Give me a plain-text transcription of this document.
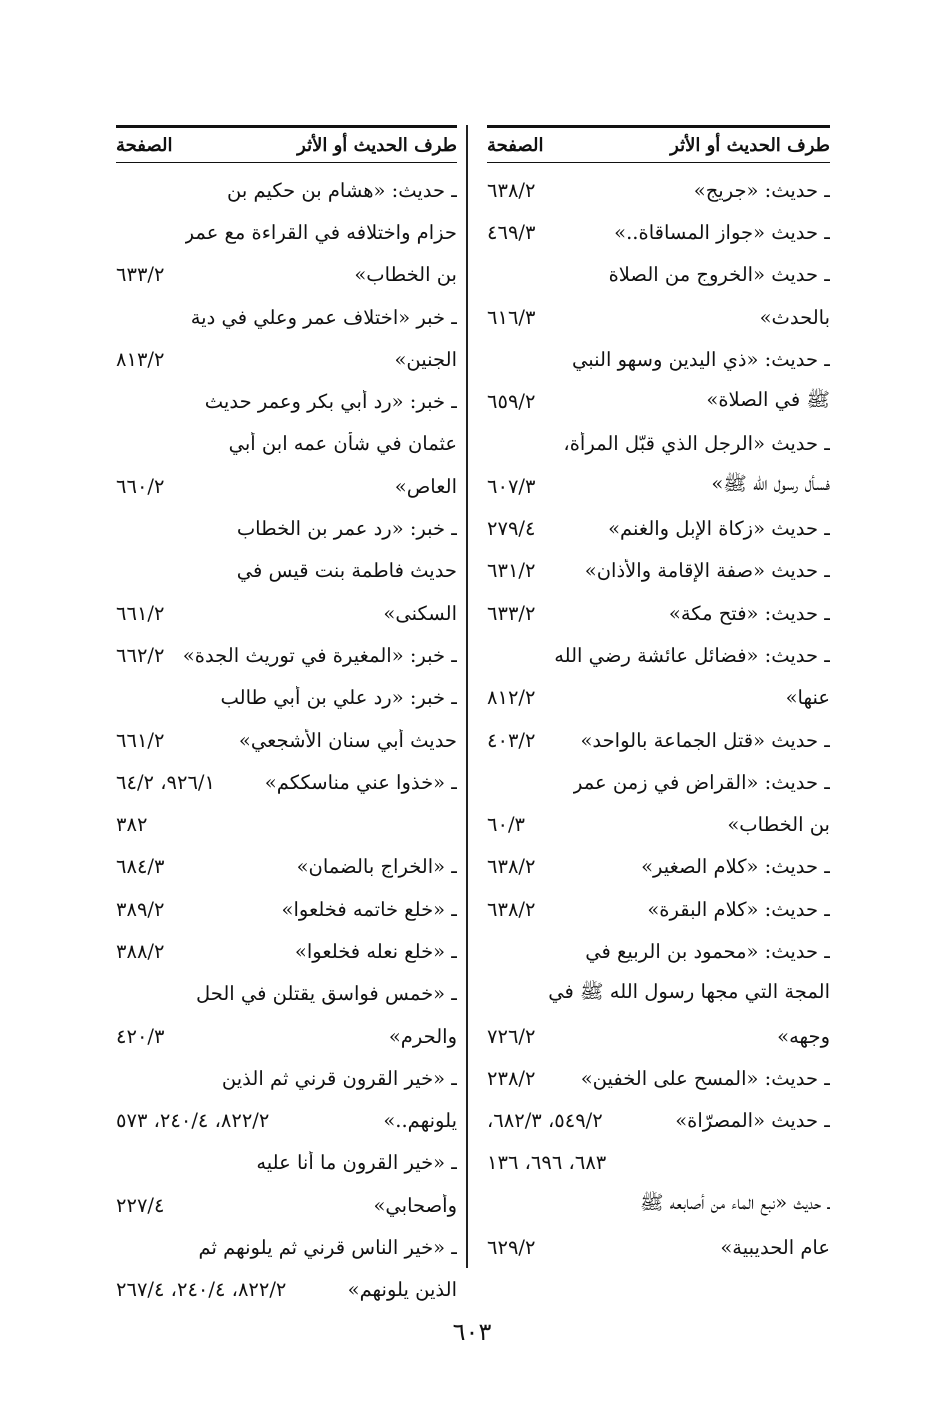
طرف الحديث أو الأثر
الصفحة
ـ حديث: «جريج»
٦٣٨/٢
ـ حديث «جواز المساقاة..»
٤٦٩/٣
ـ حديث «الخروج من الصلاة
بالحدث»
٦١٦/٣
ـ حديث: «ذي اليدين وسهو النبي
ﷺ في الصلاة»
٦٥٩/٢
ـ حديث «الرجل الذي قبّل المرأة،
فسأل رسول الله ﷺ»
٦٠٧/٣
ـ حديث «زكاة الإبل والغنم»
٢٧٩/٤
ـ حديث «صفة الإقامة والأذان»
٦٣١/٢
ـ حديث: «فتح مكة»
٦٣٣/٢
ـ حديث: «فضائل عائشة رضي الله
عنها»
٨١٢/٢
ـ حديث «قتل الجماعة بالواحد»
٤٠٣/٢
ـ حديث: «القراض في زمن عمر
بن الخطاب»
٦٠/٣
ـ حديث: «كلام الصغير»
٦٣٨/٢
ـ حديث: «كلام البقرة»
٦٣٨/٢
ـ حديث: «محمود بن الربيع في
المجة التي مجها رسول الله ﷺ في
وجهه»
٧٢٦/٢
ـ حديث: «المسح على الخفين»
٢٣٨/٢
ـ حديث «المصرّاة»
٥٤٩/٢، ٦٨٢/٣،
٦٨٣، ٦٩٦، ١٣٦
ـ حديث «نبع الماء من أصابعه ﷺ
عام الحديبية»
٦٢٩/٢
طرف الحديث أو الأثر
الصفحة
ـ حديث: «هشام بن حكيم بن
حزام واختلافه في القراءة مع عمر
بن الخطاب»
٦٣٣/٢
ـ خبر «اختلاف عمر وعلي في دية
الجنين»
٨١٣/٢
ـ خبر: «رد أبي بكر وعمر حديث
عثمان في شأن عمه ابن أبي
العاص»
٦٦٠/٢
ـ خبر: «رد عمر بن الخطاب
حديث فاطمة بنت قيس في
السكنى»
٦٦١/٢
ـ خبر: «المغيرة في توريث الجدة»
٦٦٢/٢
ـ خبر: «رد علي بن أبي طالب
حديث أبي سنان الأشجعي»
٦٦١/٢
ـ «خذوا عني مناسككم»
٩٢٦/١، ٦٤/٢
٣٨٢
ـ «الخراج بالضمان»
٦٨٤/٣
ـ «خلع خاتمه فخلعوا»
٣٨٩/٢
ـ «خلع نعله فخلعوا»
٣٨٨/٢
ـ «خمس فواسق يقتلن في الحل
والحرم»
٤٢٠/٣
ـ «خير القرون قرني ثم الذين
يلونهم..»
٨٢٢/٢، ٢٤٠/٤، ٥٧٣
ـ «خير القرون ما أنا عليه
وأصحابي»
٢٢٧/٤
ـ «خير الناس قرني ثم يلونهم ثم
الذين يلونهم»
٨٢٢/٢، ٢٤٠/٤، ٢٦٧/٤
٦٠٣
